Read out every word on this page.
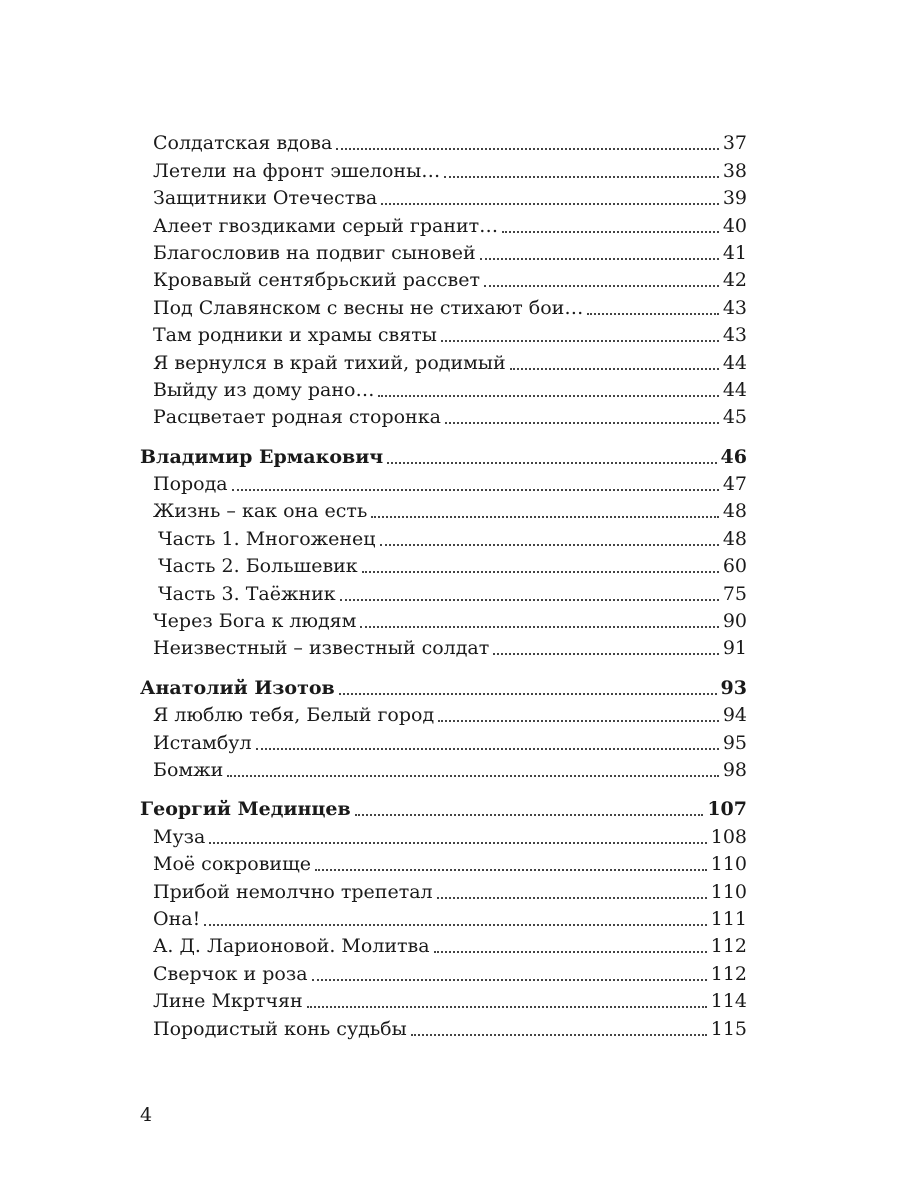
Солдатская вдова	37
Летели на фронт эшелоны…	38
Защитники Отечества	39
Алеет гвоздиками серый гранит…	40
Благословив на подвиг сыновей	41
Кровавый сентябрьский рассвет	42
Под Славянском с весны не стихают бои…	43
Там родники и храмы святы	43
Я вернулся в край тихий, родимый	44
Выйду из дому рано…	44
Расцветает родная сторонка	45
Владимир Ермакович	46
Порода	47
Жизнь – как она есть	48
Часть 1. Многоженец	48
Часть 2. Большевик	60
Часть 3. Таёжник	75
Через Бога к людям	90
Неизвестный – известный солдат	91
Анатолий Изотов	93
Я люблю тебя, Белый город	94
Истамбул	95
Бомжи	98
Георгий Мединцев	107
Муза	108
Моё сокровище	110
Прибой немолчно трепетал	110
Она!	111
А. Д. Ларионовой. Молитва	112
Сверчок и роза	112
Лине Мкртчян	114
Породистый конь судьбы	115
4
